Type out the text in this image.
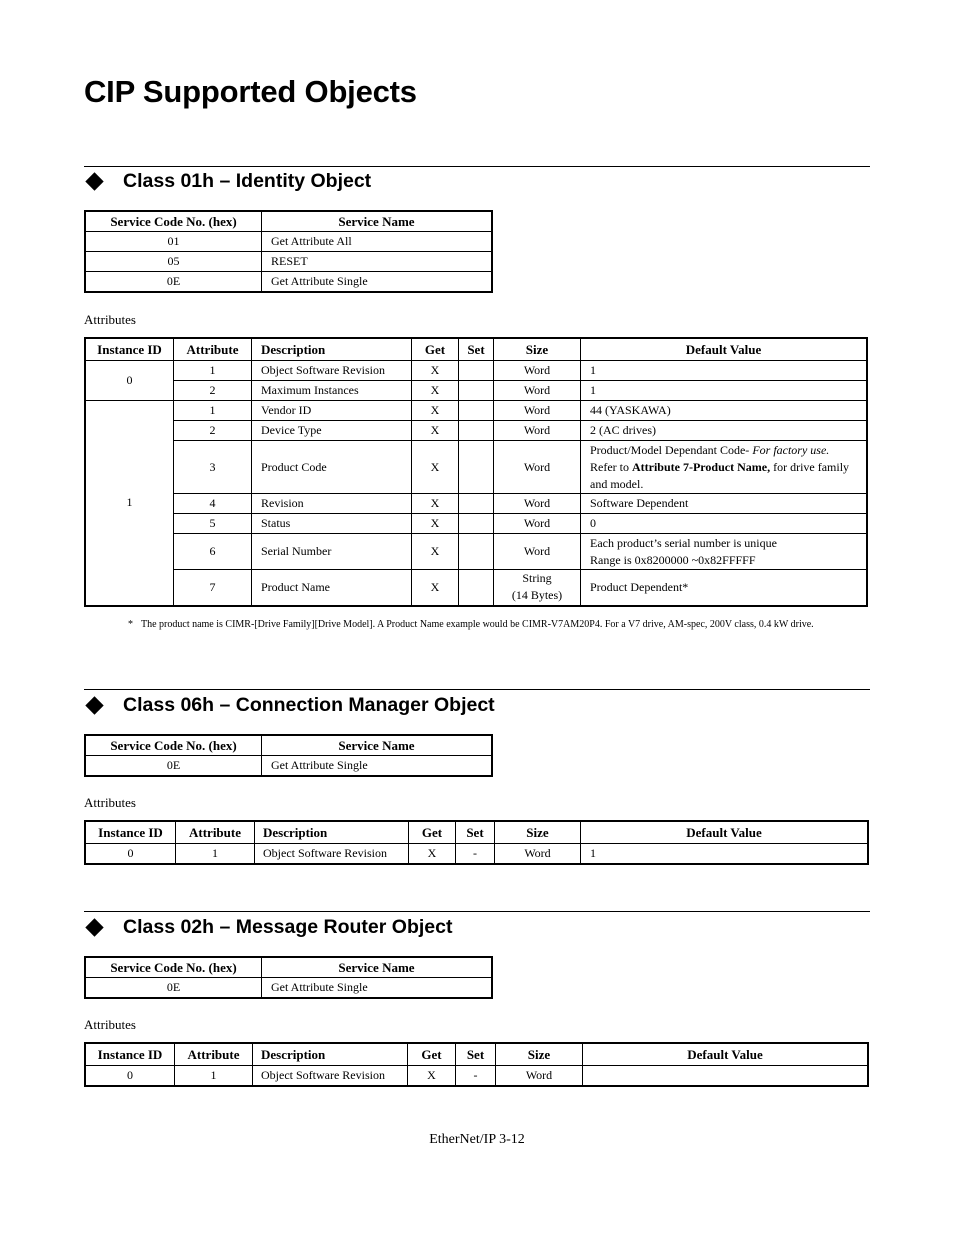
CIP Supported Objects
Class 01h – Identity Object
Service Code No. (hex)	Service Name
01	Get Attribute All
05	RESET
0E	Get Attribute Single
Attributes
Instance ID	Attribute	Description	Get	Set	Size	Default Value
0	1	Object Software Revision	X		Word	1
	2	Maximum Instances	X		Word	1
1	1	Vendor ID	X		Word	44 (YASKAWA)
	2	Device Type	X		Word	2 (AC drives)
	3	Product Code	X		Word	Product/Model Dependant Code- For factory use.
Refer to Attribute 7-Product Name, for drive family and model.
	4	Revision	X		Word	Software Dependent
	5	Status	X		Word	0
	6	Serial Number	X		Word	Each product’s serial number is unique
Range is 0x8200000 ~0x82FFFFF
	7	Product Name	X		String
(14 Bytes)	Product Dependent*
* The product name is CIMR-[Drive Family][Drive Model]. A Product Name example would be CIMR-V7AM20P4. For a V7 drive, AM-spec, 200V class, 0.4 kW drive.
Class 06h – Connection Manager Object
Service Code No. (hex)	Service Name
0E	Get Attribute Single
Attributes
Instance ID	Attribute	Description	Get	Set	Size	Default Value
0	1	Object Software Revision	X	-	Word	1
Class 02h – Message Router Object
Service Code No. (hex)	Service Name
0E	Get Attribute Single
Attributes
Instance ID	Attribute	Description	Get	Set	Size	Default Value
0	1	Object Software Revision	X	-	Word	
EtherNet/IP 3-12
